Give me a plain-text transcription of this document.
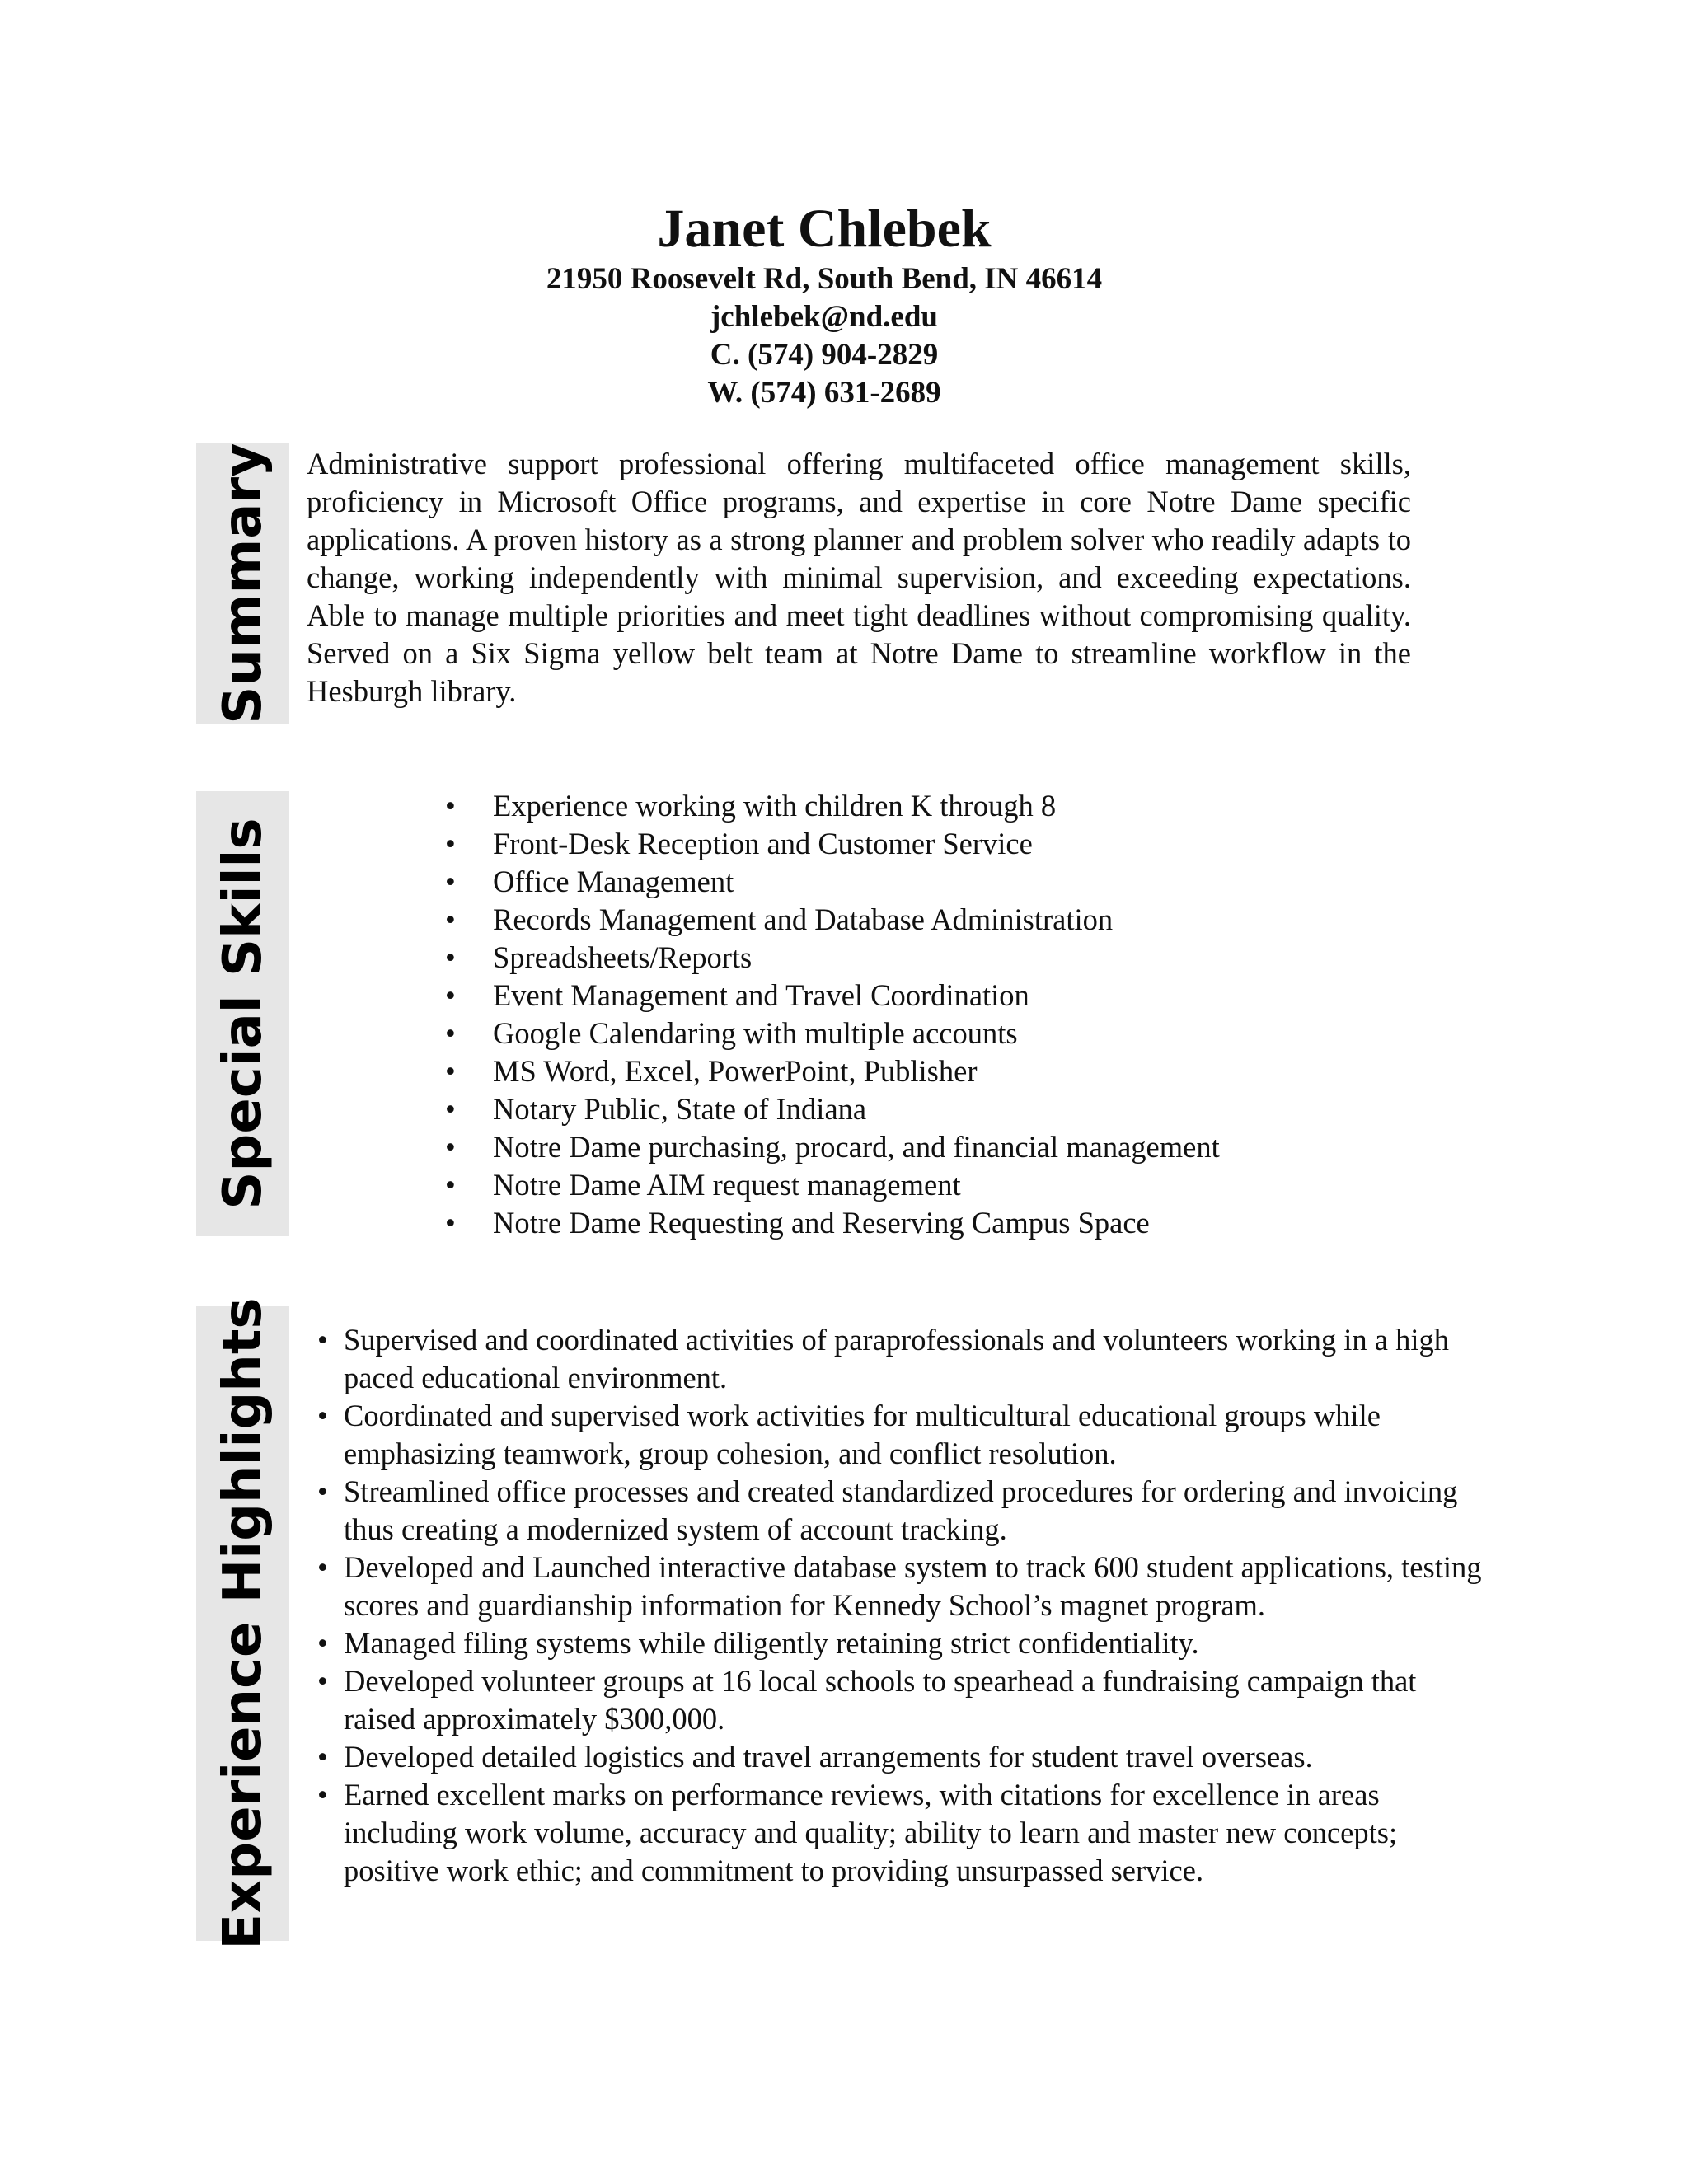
Janet Chlebek

21950 Roosevelt Rd, South Bend, IN 46614

jchlebek@nd.edu

C. (574) 904-2829

W. (574) 631-2689

Summary Administrative support professional offering multifaceted office management skills, proficiency in Microsoft Office programs, and expertise in core Notre Dame specific applications. A proven history as a strong planner and problem solver who readily adapts to change, working independently with minimal supervision, and exceeding expectations. Able to manage multiple priorities and meet tight deadlines without compromising quality. Served on a Six Sigma yellow belt team at Notre Dame to streamline workflow in the Hesburgh library.

Special Skills
• Experience working with children K through 8
• Front-Desk Reception and Customer Service
• Office Management
• Records Management and Database Administration
• Spreadsheets/Reports
• Event Management and Travel Coordination
• Google Calendaring with multiple accounts
• MS Word, Excel, PowerPoint, Publisher
• Notary Public, State of Indiana
• Notre Dame purchasing, procard, and financial management
• Notre Dame AIM request management
• Notre Dame Requesting and Reserving Campus Space
Experience Highlights
•	Supervised and coordinated activities of paraprofessionals and volunteers working in a high paced educational environment.
• Coordinated and supervised work activities for multicultural educational groups while emphasizing teamwork, group cohesion, and conflict resolution.
• Streamlined office processes and created standardized procedures for ordering and invoicing thus creating a modernized system of account tracking.
• Developed and Launched interactive database system to track 600 student applications, testing scores and guardianship information for Kennedy School’s magnet program.
• Managed filing systems while diligently retaining strict confidentiality.
• Developed volunteer groups at 16 local schools to spearhead a fundraising campaign that raised approximately $300,000.
• Developed detailed logistics and travel arrangements for student travel overseas.
• Earned excellent marks on performance reviews, with citations for excellence in areas including work volume, accuracy and quality; ability to learn and master new concepts; positive work ethic; and commitment to providing unsurpassed service.
